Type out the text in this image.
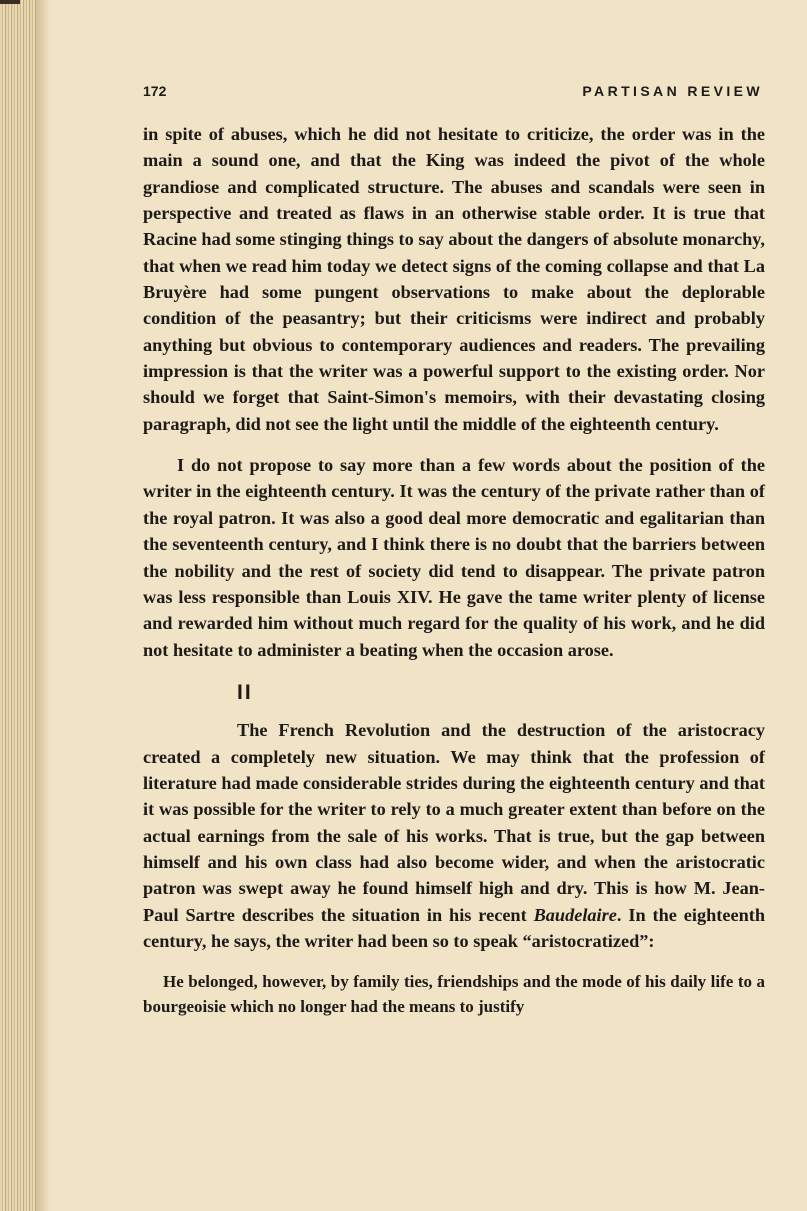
172	PARTISAN REVIEW

in spite of abuses, which he did not hesitate to criticize, the order was in the main a sound one, and that the King was indeed the pivot of the whole grandiose and complicated structure. The abuses and scandals were seen in perspective and treated as flaws in an otherwise stable order. It is true that Racine had some stinging things to say about the dangers of absolute monarchy, that when we read him today we detect signs of the coming collapse and that La Bruyère had some pungent observations to make about the deplorable condition of the peasantry; but their criticisms were indirect and probably anything but obvious to contemporary audiences and readers. The prevailing impression is that the writer was a powerful support to the existing order. Nor should we forget that Saint-Simon's memoirs, with their devastating closing paragraph, did not see the light until the middle of the eighteenth century.

I do not propose to say more than a few words about the position of the writer in the eighteenth century. It was the century of the private rather than of the royal patron. It was also a good deal more democratic and egalitarian than the seventeenth century, and I think there is no doubt that the barriers between the nobility and the rest of society did tend to disappear. The private patron was less responsible than Louis XIV. He gave the tame writer plenty of license and rewarded him without much regard for the quality of his work, and he did not hesitate to administer a beating when the occasion arose.

II

The French Revolution and the destruction of the aristocracy created a completely new situation. We may think that the profession of literature had made considerable strides during the eighteenth century and that it was possible for the writer to rely to a much greater extent than before on the actual earnings from the sale of his works. That is true, but the gap between himself and his own class had also become wider, and when the aristocratic patron was swept away he found himself high and dry. This is how M. Jean-Paul Sartre describes the situation in his recent Baudelaire. In the eighteenth century, he says, the writer had been so to speak “aristocratized”:

He belonged, however, by family ties, friendships and the mode of his daily life to a bourgeoisie which no longer had the means to justify
